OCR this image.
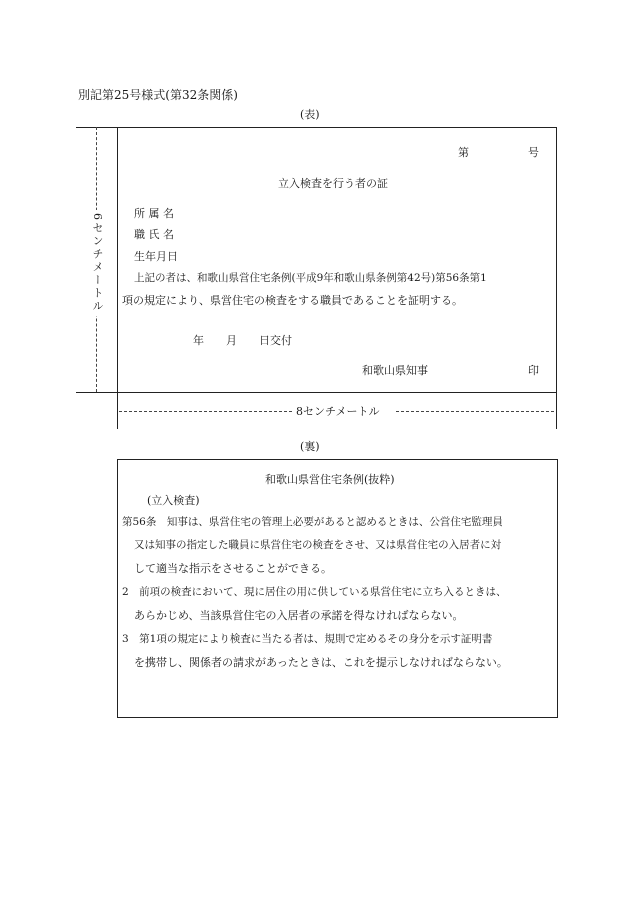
別記第25号様式(第32条関係)
(表)
6センチメートル
第	号
立入検査を行う者の証
所 属 名
職 氏 名
生年月日
上記の者は、和歌山県営住宅条例(平成9年和歌山県条例第42号)第56条第1
項の規定により、県営住宅の検査をする職員であることを証明する。
年　　月　　日交付
和歌山県知事	印
8センチメートル
(裏)
和歌山県営住宅条例(抜粋)
(立入検査)
第56条　知事は、県営住宅の管理上必要があると認めるときは、公営住宅監理員
又は知事の指定した職員に県営住宅の検査をさせ、又は県営住宅の入居者に対
して適当な指示をさせることができる。
2　前項の検査において、現に居住の用に供している県営住宅に立ち入るときは、
あらかじめ、当該県営住宅の入居者の承諾を得なければならない。
3　第1項の規定により検査に当たる者は、規則で定めるその身分を示す証明書
を携帯し、関係者の請求があったときは、これを提示しなければならない。
